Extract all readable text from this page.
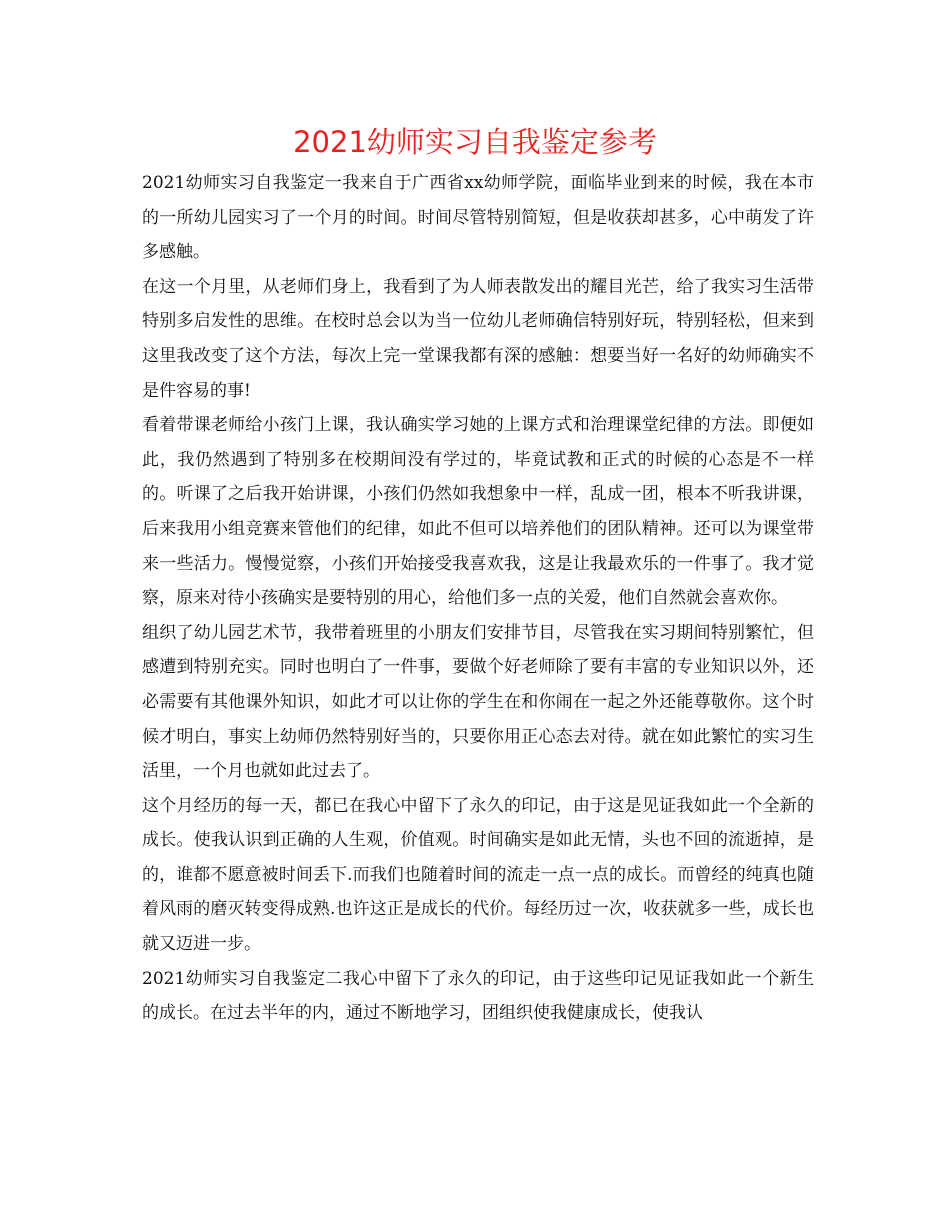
2021幼师实习自我鉴定参考

2021幼师实习自我鉴定一我来自于广西省xx幼师学院，面临毕业到来的时候，我在本市的一所幼儿园实习了一个月的时间。时间尽管特别简短，但是收获却甚多，心中萌发了许多感触。

在这一个月里，从老师们身上，我看到了为人师表散发出的耀目光芒，给了我实习生活带特别多启发性的思维。在校时总会以为当一位幼儿老师确信特别好玩，特别轻松，但来到这里我改变了这个方法，每次上完一堂课我都有深的感触：想要当好一名好的幼师确实不是件容易的事!

看着带课老师给小孩门上课，我认确实学习她的上课方式和治理课堂纪律的方法。即便如此，我仍然遇到了特别多在校期间没有学过的，毕竟试教和正式的时候的心态是不一样的。听课了之后我开始讲课，小孩们仍然如我想象中一样，乱成一团，根本不听我讲课，后来我用小组竞赛来管他们的纪律，如此不但可以培养他们的团队精神。还可以为课堂带来一些活力。慢慢觉察，小孩们开始接受我喜欢我，这是让我最欢乐的一件事了。我才觉察，原来对待小孩确实是要特别的用心，给他们多一点的关爱，他们自然就会喜欢你。

组织了幼儿园艺术节，我带着班里的小朋友们安排节目，尽管我在实习期间特别繁忙，但感遭到特别充实。同时也明白了一件事，要做个好老师除了要有丰富的专业知识以外，还必需要有其他课外知识，如此才可以让你的学生在和你闹在一起之外还能尊敬你。这个时候才明白，事实上幼师仍然特别好当的，只要你用正心态去对待。就在如此繁忙的实习生活里，一个月也就如此过去了。

这个月经历的每一天，都已在我心中留下了永久的印记，由于这是见证我如此一个全新的成长。使我认识到正确的人生观，价值观。时间确实是如此无情，头也不回的流逝掉，是的，谁都不愿意被时间丢下.而我们也随着时间的流走一点一点的成长。而曾经的纯真也随着风雨的磨灭转变得成熟.也许这正是成长的代价。每经历过一次，收获就多一些，成长也就又迈进一步。

2021幼师实习自我鉴定二我心中留下了永久的印记，由于这些印记见证我如此一个新生的成长。在过去半年的内，通过不断地学习，团组织使我健康成长，使我认
